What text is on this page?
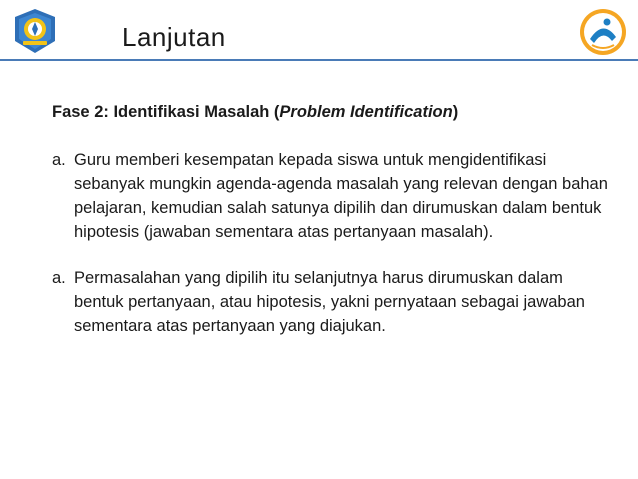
Lanjutan

Fase 2: Identifikasi Masalah (Problem Identification)

a. Guru memberi kesempatan kepada siswa untuk mengidentifikasi sebanyak mungkin agenda-agenda masalah yang relevan dengan bahan pelajaran, kemudian salah satunya dipilih dan dirumuskan dalam bentuk hipotesis (jawaban sementara atas pertanyaan masalah).
a. Permasalahan yang dipilih itu selanjutnya harus dirumuskan dalam bentuk pertanyaan, atau hipotesis, yakni pernyataan sebagai jawaban sementara atas pertanyaan yang diajukan.
